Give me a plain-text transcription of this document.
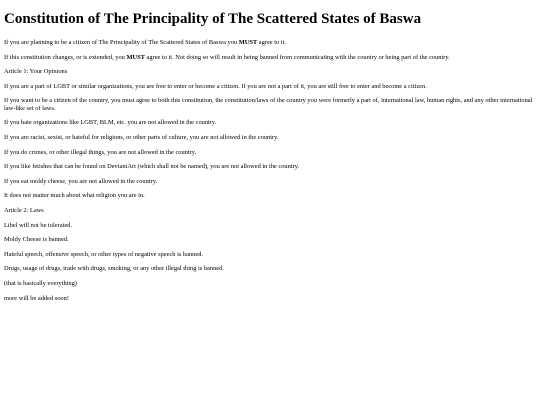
Constitution of The Principality of The Scattered States of Baswa

If you are planning to be a citizen of The Principality of The Scattered States of Baswa you MUST agree to it.

If this constitution changes, or is extended, you MUST agree to it. Not doing so will result in being banned from communicating with the country or being part of the country.

Article 1: Your Opinions

If you are a part of LGBT or similar organizations, you are free to enter or become a citizen. If you are not a part of it, you are still free to enter and become a citizen.

If you want to be a citizen of the country, you must agree to both this constitution, the constitution/laws of the country you were formerly a part of, international law, human rights, and any other international law-like set of laws.

If you hate organizations like LGBT, BLM, etc. you are not allowed in the country.

If you are racist, sexist, or hateful for religions, or other parts of culture, you are not allowed in the country.

If you do crimes, or other illegal things, you are not allowed in the country.

If you like fetishes that can be found on DeviantArt (which shall not be named), you are not allowed in the country.

If you eat moldy cheese, you are not allowed in the country.

It does not matter much about what religion you are in.

Article 2: Laws

Libel will not be tolerated.

Moldy Cheese is banned.

Hateful speech, offensive speech, or other types of negative speech is banned.

Drugs, usage of drugs, trade with drugs, smoking, or any other illegal thing is banned.

(that is basically everything)

more will be added soon!
